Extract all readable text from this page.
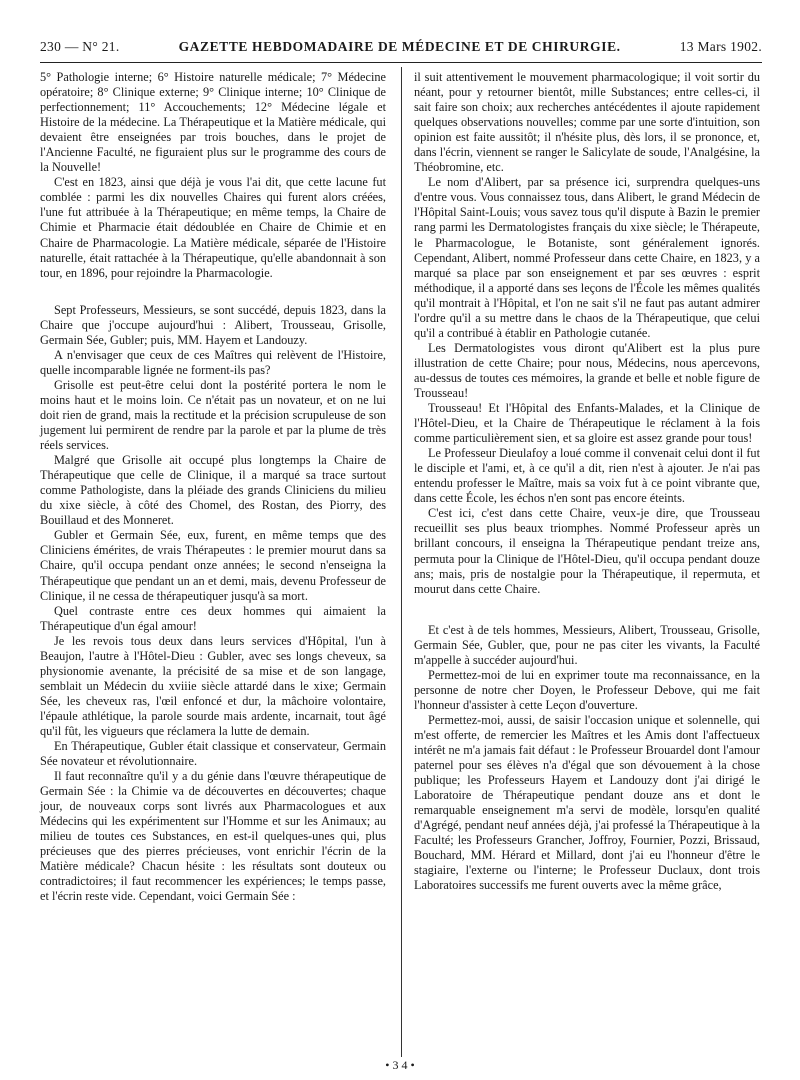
230 — N° 21.	GAZETTE HEBDOMADAIRE DE MÉDECINE ET DE CHIRURGIE.	13 Mars 1902.

5° Pathologie interne; 6° Histoire naturelle médicale; 7° Médecine opératoire; 8° Clinique externe; 9° Clinique interne; 10° Clinique de perfectionnement; 11° Accouchements; 12° Médecine légale et Histoire de la médecine. La Thérapeutique et la Matière médicale, qui devaient être enseignées par trois bouches, dans le projet de l'Ancienne Faculté, ne figuraient plus sur le programme des cours de la Nouvelle!

C'est en 1823, ainsi que déjà je vous l'ai dit, que cette lacune fut comblée : parmi les dix nouvelles Chaires qui furent alors créées, l'une fut attribuée à la Thérapeutique; en même temps, la Chaire de Chimie et Pharmacie était dédoublée en Chaire de Chimie et en Chaire de Pharmacologie. La Matière médicale, séparée de l'Histoire naturelle, était rattachée à la Thérapeutique, qu'elle abandonnait à son tour, en 1896, pour rejoindre la Pharmacologie.

Sept Professeurs, Messieurs, se sont succédé, depuis 1823, dans la Chaire que j'occupe aujourd'hui : Alibert, Trousseau, Grisolle, Germain Sée, Gubler; puis, MM. Hayem et Landouzy.

A n'envisager que ceux de ces Maîtres qui relèvent de l'Histoire, quelle incomparable lignée ne forment-ils pas?

Grisolle est peut-être celui dont la postérité portera le nom le moins haut et le moins loin. Ce n'était pas un novateur, et on ne lui doit rien de grand, mais la rectitude et la précision scrupuleuse de son jugement lui permirent de rendre par la parole et par la plume de très réels services.

Malgré que Grisolle ait occupé plus longtemps la Chaire de Thérapeutique que celle de Clinique, il a marqué sa trace surtout comme Pathologiste, dans la pléiade des grands Cliniciens du milieu du xixe siècle, à côté des Chomel, des Rostan, des Piorry, des Bouillaud et des Monneret.

Gubler et Germain Sée, eux, furent, en même temps que des Cliniciens émérites, de vrais Thérapeutes : le premier mourut dans sa Chaire, qu'il occupa pendant onze années; le second n'enseigna la Thérapeutique que pendant un an et demi, mais, devenu Professeur de Clinique, il ne cessa de thérapeutiquer jusqu'à sa mort.

Quel contraste entre ces deux hommes qui aimaient la Thérapeutique d'un égal amour!

Je les revois tous deux dans leurs services d'Hôpital, l'un à Beaujon, l'autre à l'Hôtel-Dieu : Gubler, avec ses longs cheveux, sa physionomie avenante, la précisité de sa mise et de son langage, semblait un Médecin du xviiie siècle attardé dans le xixe; Germain Sée, les cheveux ras, l'œil enfoncé et dur, la mâchoire volontaire, l'épaule athlétique, la parole sourde mais ardente, incarnait, tout âgé qu'il fût, les vigueurs que réclamera la lutte de demain.

En Thérapeutique, Gubler était classique et conservateur, Germain Sée novateur et révolutionnaire.

Il faut reconnaître qu'il y a du génie dans l'œuvre thérapeutique de Germain Sée : la Chimie va de découvertes en découvertes; chaque jour, de nouveaux corps sont livrés aux Pharmacologues et aux Médecins qui les expérimentent sur l'Homme et sur les Animaux; au milieu de toutes ces Substances, en est-il quelques-unes qui, plus précieuses que des pierres précieuses, vont enrichir l'écrin de la Matière médicale? Chacun hésite : les résultats sont douteux ou contradictoires; il faut recommencer les expériences; le temps passe, et l'écrin reste vide. Cependant, voici Germain Sée :

il suit attentivement le mouvement pharmacologique; il voit sortir du néant, pour y retourner bientôt, mille Substances; entre celles-ci, il sait faire son choix; aux recherches antécédentes il ajoute rapidement quelques observations nouvelles; comme par une sorte d'intuition, son opinion est faite aussitôt; il n'hésite plus, dès lors, il se prononce, et, dans l'écrin, viennent se ranger le Salicylate de soude, l'Analgésine, la Théobromine, etc.

Le nom d'Alibert, par sa présence ici, surprendra quelques-uns d'entre vous. Vous connaissez tous, dans Alibert, le grand Médecin de l'Hôpital Saint-Louis; vous savez tous qu'il dispute à Bazin le premier rang parmi les Dermatologistes français du xixe siècle; le Thérapeute, le Pharmacologue, le Botaniste, sont généralement ignorés. Cependant, Alibert, nommé Professeur dans cette Chaire, en 1823, y a marqué sa place par son enseignement et par ses œuvres : esprit méthodique, il a apporté dans ses leçons de l'École les mêmes qualités qu'il montrait à l'Hôpital, et l'on ne sait s'il ne faut pas autant admirer l'ordre qu'il a su mettre dans le chaos de la Thérapeutique, que celui qu'il a contribué à établir en Pathologie cutanée.

Les Dermatologistes vous diront qu'Alibert est la plus pure illustration de cette Chaire; pour nous, Médecins, nous apercevons, au-dessus de toutes ces mémoires, la grande et belle et noble figure de Trousseau!

Trousseau! Et l'Hôpital des Enfants-Malades, et la Clinique de l'Hôtel-Dieu, et la Chaire de Thérapeutique le réclament à la fois comme particulièrement sien, et sa gloire est assez grande pour tous!

Le Professeur Dieulafoy a loué comme il convenait celui dont il fut le disciple et l'ami, et, à ce qu'il a dit, rien n'est à ajouter. Je n'ai pas entendu professer le Maître, mais sa voix fut à ce point vibrante que, dans cette École, les échos n'en sont pas encore éteints.

C'est ici, c'est dans cette Chaire, veux-je dire, que Trousseau recueillit ses plus beaux triomphes. Nommé Professeur après un brillant concours, il enseigna la Thérapeutique pendant treize ans, permuta pour la Clinique de l'Hôtel-Dieu, qu'il occupa pendant douze ans; mais, pris de nostalgie pour la Thérapeutique, il repermuta, et mourut dans cette Chaire.

Et c'est à de tels hommes, Messieurs, Alibert, Trousseau, Grisolle, Germain Sée, Gubler, que, pour ne pas citer les vivants, la Faculté m'appelle à succéder aujourd'hui.

Permettez-moi de lui en exprimer toute ma reconnaissance, en la personne de notre cher Doyen, le Professeur Debove, qui me fait l'honneur d'assister à cette Leçon d'ouverture.

Permettez-moi, aussi, de saisir l'occasion unique et solennelle, qui m'est offerte, de remercier les Maîtres et les Amis dont l'affectueux intérêt ne m'a jamais fait défaut : le Professeur Brouardel dont l'amour paternel pour ses élèves n'a d'égal que son dévouement à la chose publique; les Professeurs Hayem et Landouzy dont j'ai dirigé le Laboratoire de Thérapeutique pendant douze ans et dont le remarquable enseignement m'a servi de modèle, lorsqu'en qualité d'Agrégé, pendant neuf années déjà, j'ai professé la Thérapeutique à la Faculté; les Professeurs Grancher, Joffroy, Fournier, Pozzi, Brissaud, Bouchard, MM. Hérard et Millard, dont j'ai eu l'honneur d'être le stagiaire, l'externe ou l'interne; le Professeur Duclaux, dont trois Laboratoires successifs me furent ouverts avec la même grâce,

• 3 4 •
